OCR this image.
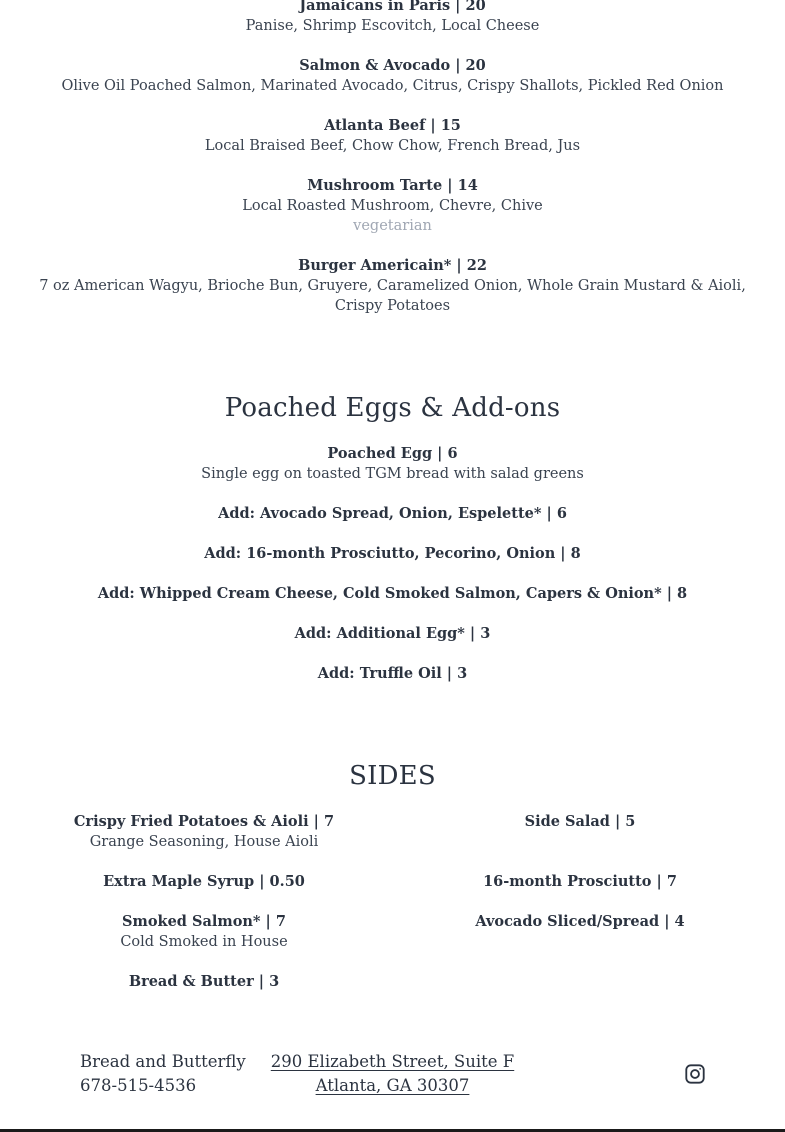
Jamaicans in Paris | 20
Panise, Shrimp Escovitch, Local Cheese
Salmon & Avocado | 20
Olive Oil Poached Salmon, Marinated Avocado, Citrus, Crispy Shallots, Pickled Red Onion
Atlanta Beef | 15
Local Braised Beef, Chow Chow, French Bread, Jus
Mushroom Tarte | 14
Local Roasted Mushroom, Chevre, Chive
vegetarian
Burger Americain* | 22
7 oz American Wagyu, Brioche Bun, Gruyere, Caramelized Onion, Whole Grain Mustard & Aioli,
Crispy Potatoes
Poached Eggs & Add-ons
Poached Egg | 6
Single egg on toasted TGM bread with salad greens
Add: Avocado Spread, Onion, Espelette* | 6
Add: 16-month Prosciutto, Pecorino, Onion | 8
Add: Whipped Cream Cheese, Cold Smoked Salmon, Capers & Onion* | 8
Add: Additional Egg* | 3
Add: Truffle Oil | 3
SIDES
Crispy Fried Potatoes & Aioli | 7
Grange Seasoning, House Aioli
Extra Maple Syrup | 0.50
Smoked Salmon* | 7
Cold Smoked in House
Bread & Butter | 3
Side Salad | 5
16-month Prosciutto | 7
Avocado Sliced/Spread | 4
Bread and Butterfly
678-515-4536
290 Elizabeth Street, Suite F
Atlanta, GA 30307
